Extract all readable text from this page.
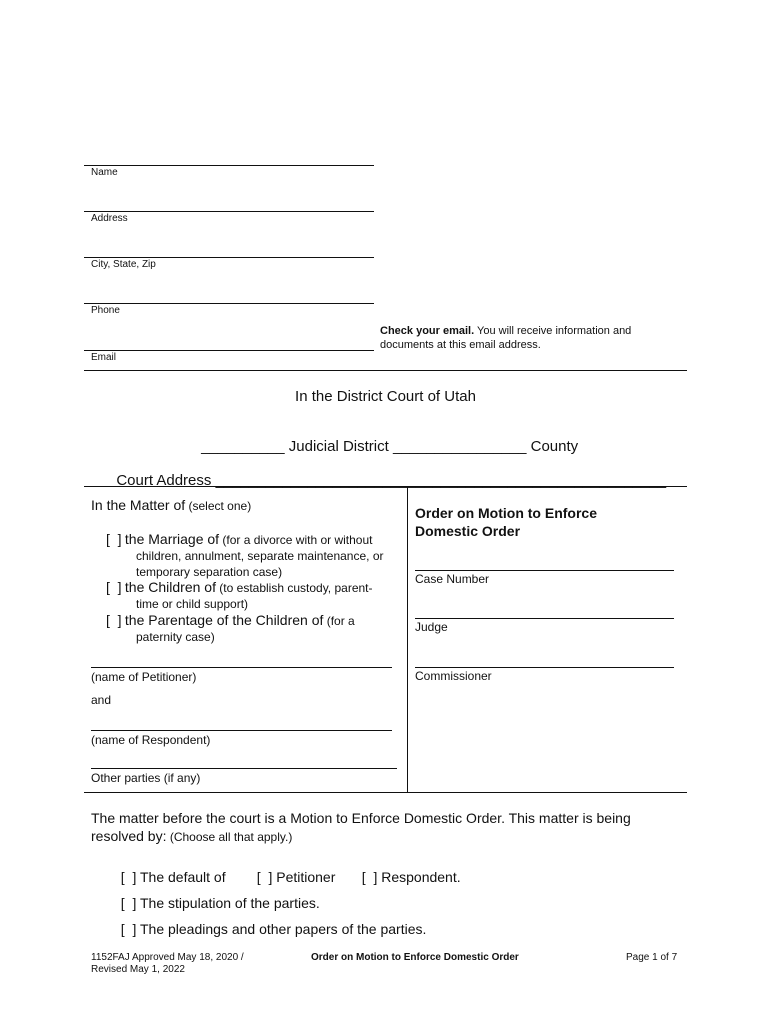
Name
Address
City, State, Zip
Phone
Email
Check your email. You will receive information and
documents at this email address.
In the District Court of Utah

__________ Judicial District ________________ County

Court Address ______________________________________________________

In the Matter of (select one)
[  ] the Marriage of (for a divorce with or without
children, annulment, separate maintenance, or
temporary separation case)
[  ] the Children of (to establish custody, parent-
time or child support)
[  ] the Parentage of the Children of (for a
paternity case)
(name of Petitioner)
and
(name of Respondent)
Other parties (if any)
Order on Motion to Enforce
Domestic Order
Case Number
Judge
Commissioner
The matter before the court is a Motion to Enforce Domestic Order. This matter is being
resolved by: (Choose all that apply.)

[  ] The default of	[  ] Petitioner	[  ] Respondent.

[  ] The stipulation of the parties.

[  ] The pleadings and other papers of the parties.

1152FAJ Approved May 18, 2020 /
Revised May 1, 2022
Order on Motion to Enforce Domestic Order	Page 1 of 7
